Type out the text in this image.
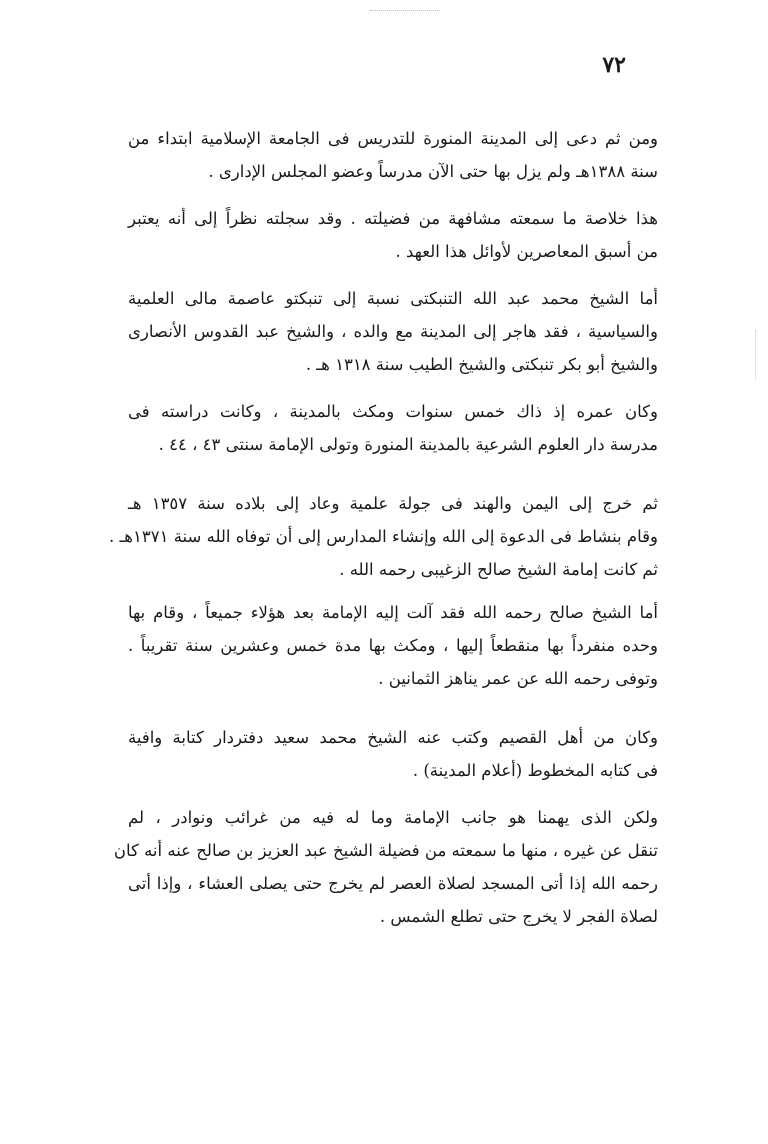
٧٢
ومن ثم دعى إلى المدينة المنورة للتدريس فى الجامعة الإسلامية ابتداء من
سنة ١٣٨٨هـ ولم يزل بها حتى الآن مدرساً وعضو المجلس الإدارى .
هذا خلاصة ما سمعته مشافهة من فضيلته . وقد سجلته نظراً إلى أنه يعتبر
من أسبق المعاصرين لأوائل هذا العهد .
أما الشيخ محمد عبد الله التنبكتى نسبة إلى تنبكتو عاصمة مالى العلمية
والسياسية ، فقد هاجر إلى المدينة مع والده ، والشيخ عبد القدوس الأنصارى
والشيخ أبو بكر تنبكتى والشيخ الطيب سنة ١٣١٨ هـ .
وكان عمره إذ ذاك خمس سنوات ومكث بالمدينة ، وكانت دراسته فى
مدرسة دار العلوم الشرعية بالمدينة المنورة وتولى الإمامة سنتى ٤٣ ، ٤٤ .
ثم خرج إلى اليمن والهند فى جولة علمية وعاد إلى بلاده سنة ١٣٥٧ هـ
وقام بنشاط فى الدعوة إلى الله وإنشاء المدارس إلى أن توفاه الله سنة ١٣٧١هـ .
ثم كانت إمامة الشيخ صالح الزغيبى رحمه الله .
أما الشيخ صالح رحمه الله فقد آلت إليه الإمامة بعد هؤلاء جميعاً ، وقام بها
وحده منفرداً بها منقطعاً إليها ، ومكث بها مدة خمس وعشرين سنة تقريباً .
وتوفى رحمه الله عن عمر يناهز الثمانين .
وكان من أهل القصيم وكتب عنه الشيخ محمد سعيد دفتردار كتابة وافية
فى كتابه المخطوط (أعلام المدينة) .
ولكن الذى يهمنا هو جانب الإمامة وما له فيه من غرائب ونوادر ، لم
تنقل عن غيره ، منها ما سمعته من فضيلة الشيخ عبد العزيز بن صالح عنه أنه كان
رحمه الله إذا أتى المسجد لصلاة العصر لم يخرج حتى يصلى العشاء ، وإذا أتى
لصلاة الفجر لا يخرج حتى تطلع الشمس .
